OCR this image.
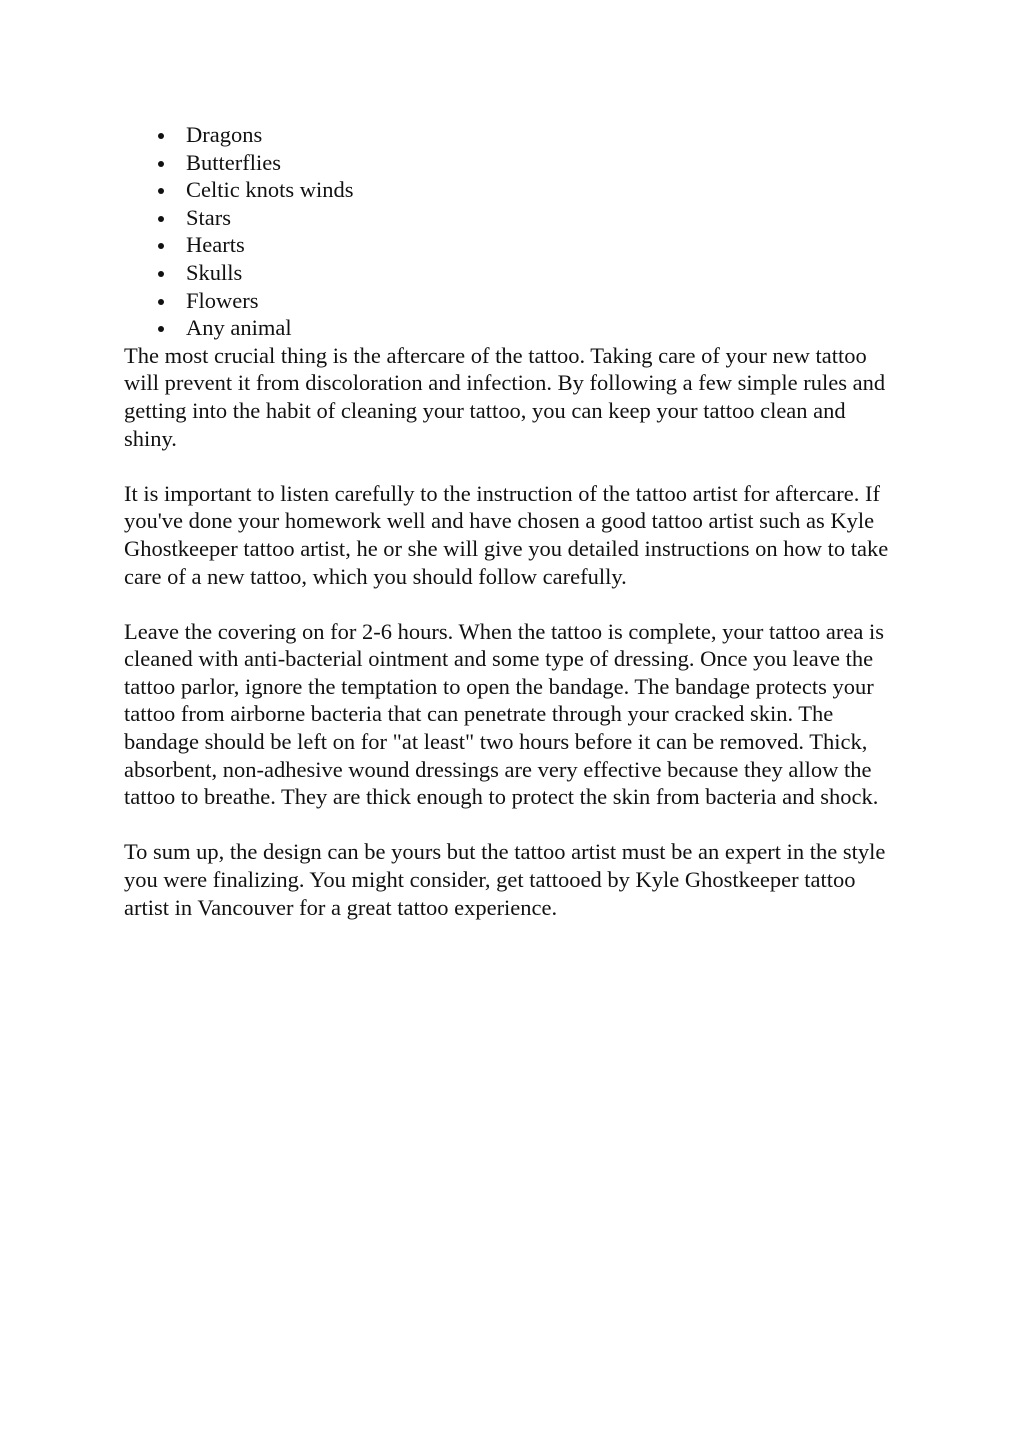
Dragons
Butterflies
Celtic knots winds
Stars
Hearts
Skulls
Flowers
Any animal

The most crucial thing is the aftercare of the tattoo. Taking care of your new tattoo will prevent it from discoloration and infection. By following a few simple rules and getting into the habit of cleaning your tattoo, you can keep your tattoo clean and shiny.

It is important to listen carefully to the instruction of the tattoo artist for aftercare. If you've done your homework well and have chosen a good tattoo artist such as Kyle Ghostkeeper tattoo artist, he or she will give you detailed instructions on how to take care of a new tattoo, which you should follow carefully.

Leave the covering on for 2-6 hours. When the tattoo is complete, your tattoo area is cleaned with anti-bacterial ointment and some type of dressing. Once you leave the tattoo parlor, ignore the temptation to open the bandage. The bandage protects your tattoo from airborne bacteria that can penetrate through your cracked skin. The bandage should be left on for "at least" two hours before it can be removed. Thick, absorbent, non-adhesive wound dressings are very effective because they allow the tattoo to breathe. They are thick enough to protect the skin from bacteria and shock.

To sum up, the design can be yours but the tattoo artist must be an expert in the style you were finalizing. You might consider, get tattooed by Kyle Ghostkeeper tattoo artist in Vancouver for a great tattoo experience.
